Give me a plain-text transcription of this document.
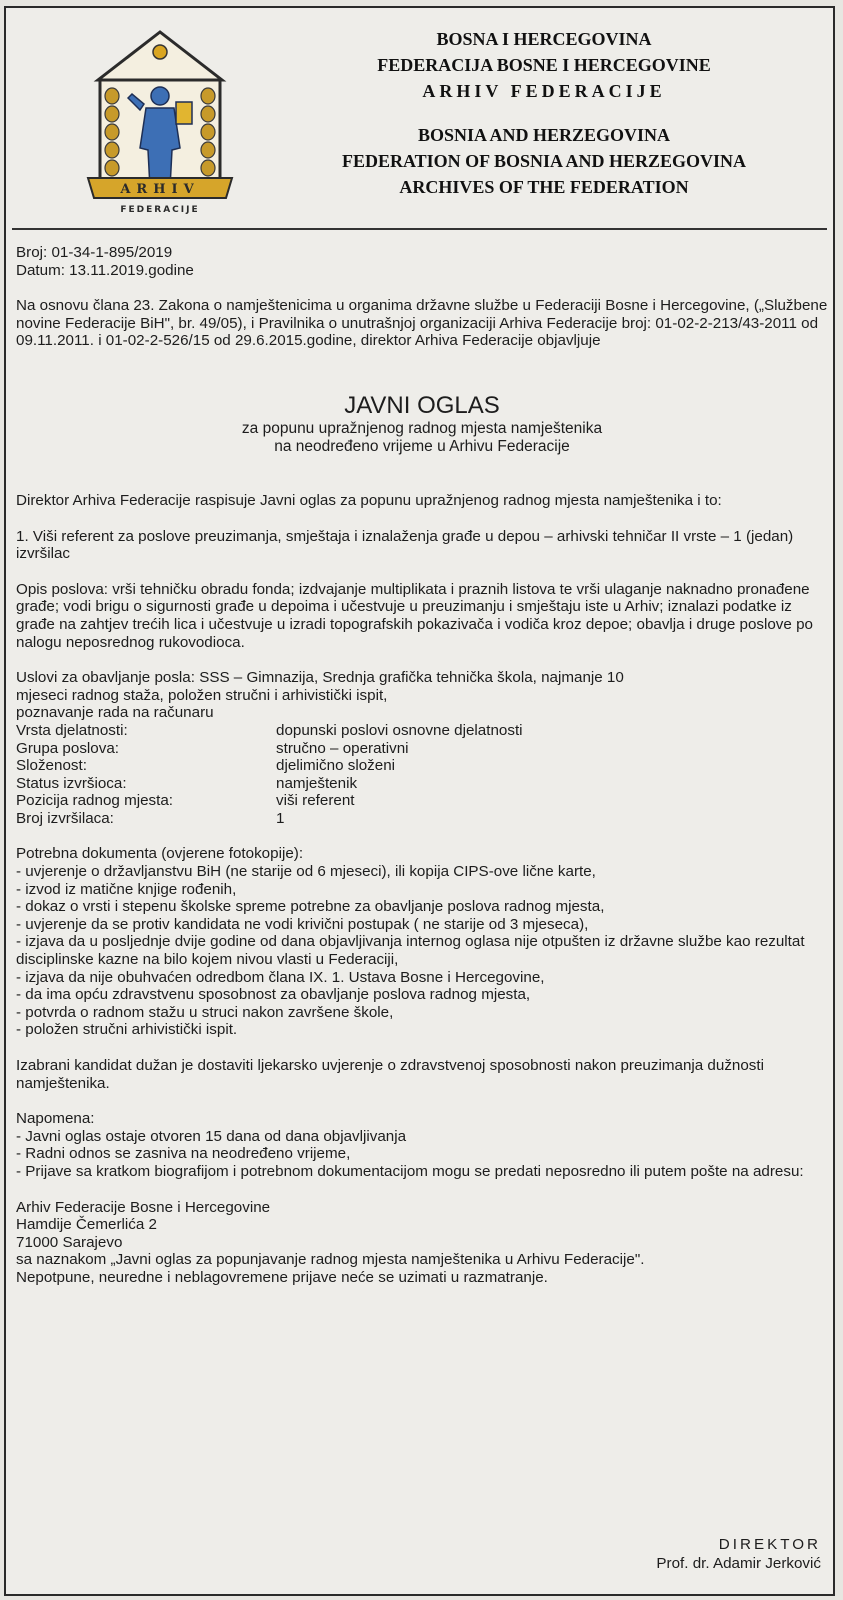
ARHIV
FEDERACIJE
BOSNA I HERCEGOVINA
FEDERACIJA BOSNE I HERCEGOVINE
ARHIV FEDERACIJE
BOSNIA AND HERZEGOVINA
FEDERATION OF BOSNIA AND HERZEGOVINA
ARCHIVES OF THE FEDERATION

Broj: 01-34-1-895/2019

Datum: 13.11.2019.godine

Na osnovu člana 23. Zakona o namještenicima u organima državne službe u Federaciji Bosne i Hercegovine, („Službene novine Federacije BiH", br. 49/05), i Pravilnika o unutrašnjoj organizaciji Arhiva Federacije broj: 01-02-2-213/43-2011 od 09.11.2011. i 01-02-2-526/15 od 29.6.2015.godine, direktor Arhiva Federacije objavljuje

JAVNI OGLAS
za popunu upražnjenog radnog mjesta namještenika
na neodređeno vrijeme u Arhivu Federacije

Direktor Arhiva Federacije raspisuje Javni oglas za popunu upražnjenog radnog mjesta namještenika i to:

1. Viši referent za poslove preuzimanja, smještaja i iznalaženja građe u depou – arhivski tehničar II vrste – 1 (jedan) izvršilac

Opis poslova: vrši tehničku obradu fonda; izdvajanje multiplikata i praznih listova te vrši ulaganje naknadno pronađene građe; vodi brigu o sigurnosti građe u depoima i učestvuje u preuzimanju i smještaju iste u Arhiv; iznalazi podatke iz građe na zahtjev trećih lica i učestvuje u izradi topografskih pokazivača i vodiča kroz depoe; obavlja i druge poslove po nalogu neposrednog rukovodioca.

Uslovi za obavljanje posla: SSS – Gimnazija, Srednja grafička tehnička škola, najmanje 10

mjeseci radnog staža, položen stručni i arhivistički ispit,

poznavanje rada na računaru

Vrsta djelatnosti:	dopunski poslovi osnovne djelatnosti
Grupa poslova:	stručno – operativni
Složenost:	djelimično složeni
Status izvršioca:	namještenik
Pozicija radnog mjesta:	viši referent
Broj izvršilaca:	1

Potrebna dokumenta (ovjerene fotokopije):

- uvjerenje o državljanstvu BiH (ne starije od 6 mjeseci), ili kopija CIPS-ove lične karte,
- izvod iz matične knjige rođenih,
- dokaz o vrsti i stepenu školske spreme potrebne za obavljanje poslova radnog mjesta,
- uvjerenje da se protiv kandidata ne vodi krivični postupak ( ne starije od 3 mjeseca),
- izjava da u posljednje dvije godine od dana objavljivanja internog oglasa nije otpušten iz državne službe kao rezultat disciplinske kazne na bilo kojem nivou vlasti u Federaciji,
- izjava da nije obuhvaćen odredbom člana IX. 1. Ustava Bosne i Hercegovine,
- da ima opću zdravstvenu sposobnost za obavljanje poslova radnog mjesta,
- potvrda o radnom stažu u struci nakon završene škole,
- položen stručni arhivistički ispit.

Izabrani kandidat dužan je dostaviti ljekarsko uvjerenje o zdravstvenoj sposobnosti nakon preuzimanja dužnosti namještenika.

Napomena:

- Javni oglas ostaje otvoren 15 dana od dana objavljivanja
- Radni odnos se zasniva na neodređeno vrijeme,
- Prijave sa kratkom biografijom i potrebnom dokumentacijom mogu se predati neposredno ili putem pošte na adresu:

Arhiv Federacije Bosne i Hercegovine

Hamdije Čemerlića 2

71000 Sarajevo

sa naznakom „Javni oglas za popunjavanje radnog mjesta namještenika u Arhivu Federacije".

Nepotpune, neuredne i neblagovremene prijave neće se uzimati u razmatranje.

DIREKTOR
Prof. dr. Adamir Jerković
